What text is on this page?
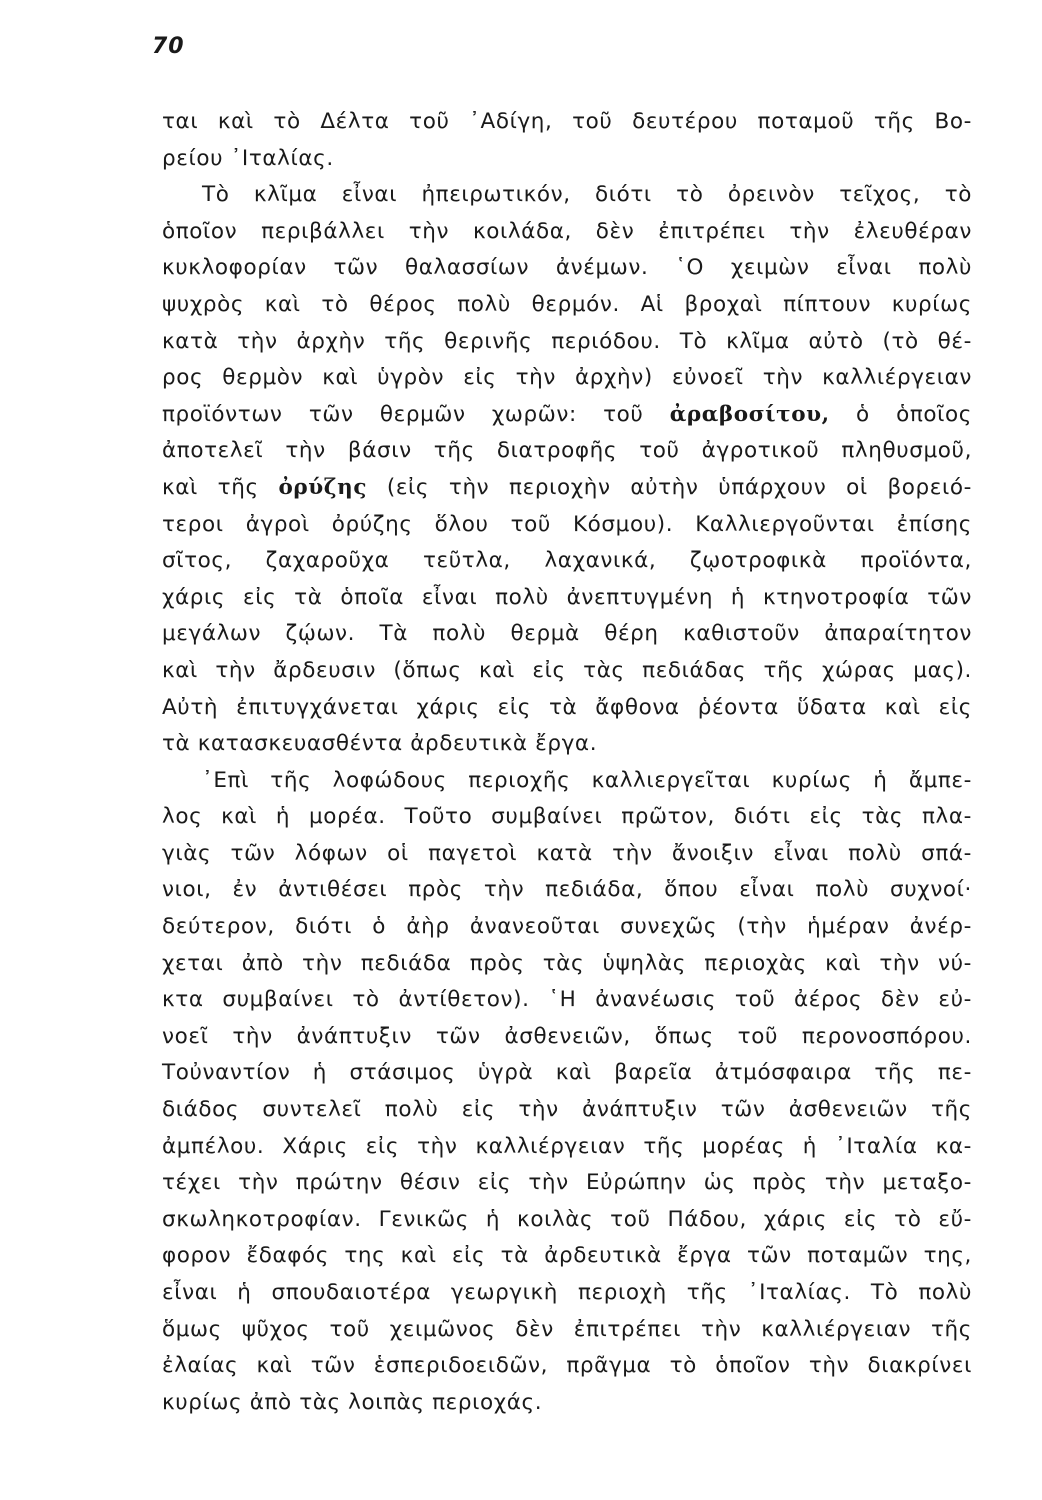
70
ται καὶ τὸ Δέλτα τοῦ ᾿Αδίγη, τοῦ δευτέρου ποταμοῦ τῆς Βο-
ρείου ᾿Ιταλίας.
Τὸ κλῖμα εἶναι ἠπειρωτικόν, διότι τὸ ὀρεινὸν τεῖχος, τὸ
ὁποῖον περιβάλλει τὴν κοιλάδα, δὲν ἐπιτρέπει τὴν ἐλευθέραν
κυκλοφορίαν τῶν θαλασσίων ἀνέμων. ῾Ο χειμὼν εἶναι πολὺ
ψυχρὸς καὶ τὸ θέρος πολὺ θερμόν. Αἱ βροχαὶ πίπτουν κυρίως
κατὰ τὴν ἀρχὴν τῆς θερινῆς περιόδου. Τὸ κλῖμα αὐτὸ (τὸ θέ-
ρος θερμὸν καὶ ὑγρὸν εἰς τὴν ἀρχὴν) εὐνοεῖ τὴν καλλιέργειαν
προϊόντων τῶν θερμῶν χωρῶν: τοῦ ἀραβοσίτου, ὁ ὁποῖος
ἀποτελεῖ τὴν βάσιν τῆς διατροφῆς τοῦ ἀγροτικοῦ πληθυσμοῦ,
καὶ τῆς ὀρύζης (εἰς τὴν περιοχὴν αὐτὴν ὑπάρχουν οἱ βορειό-
τεροι ἀγροὶ ὀρύζης ὅλου τοῦ Κόσμου). Καλλιεργοῦνται ἐπίσης
σῖτος, ζαχαροῦχα τεῦτλα, λαχανικά, ζῳοτροφικὰ προϊόντα,
χάρις εἰς τὰ ὁποῖα εἶναι πολὺ ἀνεπτυγμένη ἡ κτηνοτροφία τῶν
μεγάλων ζῴων. Τὰ πολὺ θερμὰ θέρη καθιστοῦν ἀπαραίτητον
καὶ τὴν ἄρδευσιν (ὅπως καὶ εἰς τὰς πεδιάδας τῆς χώρας μας).
Αὐτὴ ἐπιτυγχάνεται χάρις εἰς τὰ ἄφθονα ῥέοντα ὕδατα καὶ εἰς
τὰ κατασκευασθέντα ἀρδευτικὰ ἔργα.
᾿Επὶ τῆς λοφώδους περιοχῆς καλλιεργεῖται κυρίως ἡ ἄμπε-
λος καὶ ἡ μορέα. Τοῦτο συμβαίνει πρῶτον, διότι εἰς τὰς πλα-
γιὰς τῶν λόφων οἱ παγετοὶ κατὰ τὴν ἄνοιξιν εἶναι πολὺ σπά-
νιοι, ἐν ἀντιθέσει πρὸς τὴν πεδιάδα, ὅπου εἶναι πολὺ συχνοί·
δεύτερον, διότι ὁ ἀὴρ ἀνανεοῦται συνεχῶς (τὴν ἡμέραν ἀνέρ-
χεται ἀπὸ τὴν πεδιάδα πρὸς τὰς ὑψηλὰς περιοχὰς καὶ τὴν νύ-
κτα συμβαίνει τὸ ἀντίθετον). ῾Η ἀνανέωσις τοῦ ἀέρος δὲν εὐ-
νοεῖ τὴν ἀνάπτυξιν τῶν ἀσθενειῶν, ὅπως τοῦ περονοσπόρου.
Τοὐναντίον ἡ στάσιμος ὑγρὰ καὶ βαρεῖα ἀτμόσφαιρα τῆς πε-
διάδος συντελεῖ πολὺ εἰς τὴν ἀνάπτυξιν τῶν ἀσθενειῶν τῆς
ἀμπέλου. Χάρις εἰς τὴν καλλιέργειαν τῆς μορέας ἡ ᾿Ιταλία κα-
τέχει τὴν πρώτην θέσιν εἰς τὴν Εὐρώπην ὡς πρὸς τὴν μεταξο-
σκωληκοτροφίαν. Γενικῶς ἡ κοιλὰς τοῦ Πάδου, χάρις εἰς τὸ εὔ-
φορον ἔδαφός της καὶ εἰς τὰ ἀρδευτικὰ ἔργα τῶν ποταμῶν της,
εἶναι ἡ σπουδαιοτέρα γεωργικὴ περιοχὴ τῆς ᾿Ιταλίας. Τὸ πολὺ
ὅμως ψῦχος τοῦ χειμῶνος δὲν ἐπιτρέπει τὴν καλλιέργειαν τῆς
ἐλαίας καὶ τῶν ἑσπεριδοειδῶν, πρᾶγμα τὸ ὁποῖον τὴν διακρίνει
κυρίως ἀπὸ τὰς λοιπὰς περιοχάς.
